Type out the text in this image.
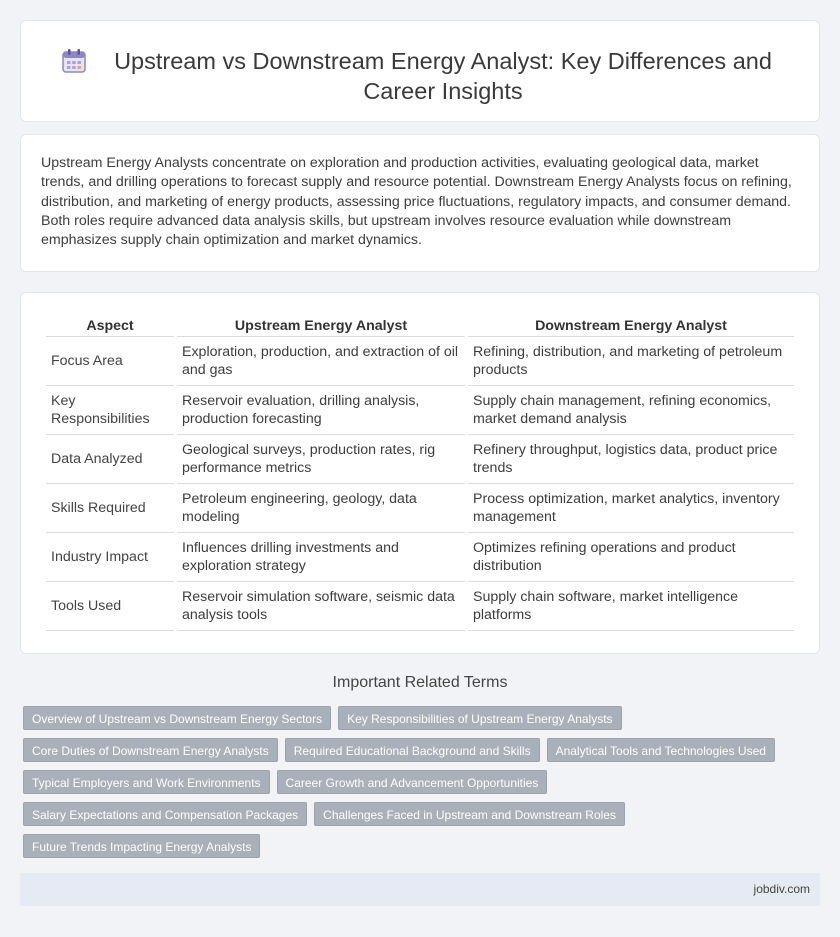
Upstream vs Downstream Energy Analyst: Key Differences and Career Insights

Upstream Energy Analysts concentrate on exploration and production activities, evaluating geological data, market trends, and drilling operations to forecast supply and resource potential. Downstream Energy Analysts focus on refining, distribution, and marketing of energy products, assessing price fluctuations, regulatory impacts, and consumer demand. Both roles require advanced data analysis skills, but upstream involves resource evaluation while downstream emphasizes supply chain optimization and market dynamics.

Aspect	Upstream Energy Analyst	Downstream Energy Analyst
Focus Area	Exploration, production, and extraction of oil and gas	Refining, distribution, and marketing of petroleum products
Key Responsibilities	Reservoir evaluation, drilling analysis, production forecasting	Supply chain management, refining economics, market demand analysis
Data Analyzed	Geological surveys, production rates, rig performance metrics	Refinery throughput, logistics data, product price trends
Skills Required	Petroleum engineering, geology, data modeling	Process optimization, market analytics, inventory management
Industry Impact	Influences drilling investments and exploration strategy	Optimizes refining operations and product distribution
Tools Used	Reservoir simulation software, seismic data analysis tools	Supply chain software, market intelligence platforms
Important Related Terms
Overview of Upstream vs Downstream Energy Sectors	Key Responsibilities of Upstream Energy Analysts
Core Duties of Downstream Energy Analysts	Required Educational Background and Skills	Analytical Tools and Technologies Used
Typical Employers and Work Environments	Career Growth and Advancement Opportunities
Salary Expectations and Compensation Packages	Challenges Faced in Upstream and Downstream Roles
Future Trends Impacting Energy Analysts
jobdiv.com
